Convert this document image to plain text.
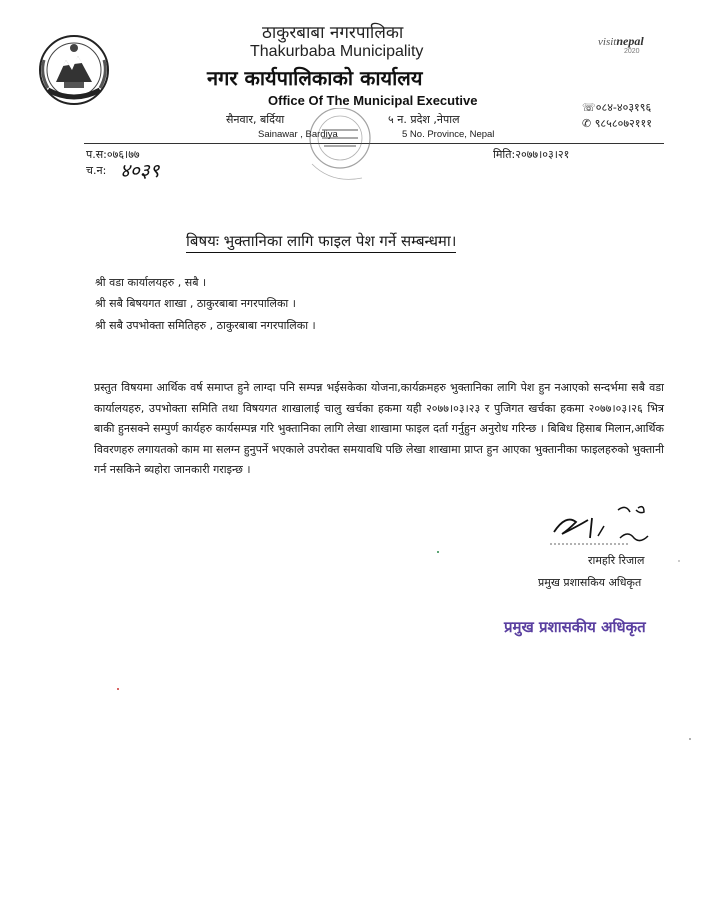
ठाकुरबाबा नगरपालिका
Thakurbaba Municipality
नगर कार्यपालिकाको कार्यालय
Office Of The Municipal Executive
सैनवार, बर्दिया
Sainawar , Bardiya
५ न. प्रदेश ,नेपाल
5 No. Province, Nepal
☏०८४-४०३१९६
✆ ९८५८०७२१११
visitnepal
2020
प.स:०७६।७७
च.न: ४०३९
मिति:२०७७।०३।२१
बिषयः भुक्तानिका लागि फाइल पेश गर्ने सम्बन्धमा।
श्री वडा कार्यालयहरु , सबै ।
श्री सबै बिषयगत शाखा , ठाकुरबाबा नगरपालिका ।
श्री सबै उपभोक्ता समितिहरु , ठाकुरबाबा नगरपालिका ।

प्रस्तुत विषयमा आर्थिक वर्ष समाप्त हुने लाग्दा पनि सम्पन्न भईसकेका योजना,कार्यक्रमहरु भुक्तानिका लागि पेश हुन नआएको सन्दर्भमा सबै वडा कार्यालयहरु, उपभोक्ता समिति तथा विषयगत शाखालाई चालु खर्चका हकमा यही २०७७।०३।२३ र पुजिगत खर्चका हकमा २०७७।०३।२६ भित्र बाकी हुनसक्ने सम्पुर्ण कार्यहरु कार्यसम्पन्न गरि भुक्तानिका लागि लेखा शाखामा फाइल दर्ता गर्नुहुन अनुरोध गरिन्छ । बिबिध हिसाब मिलान,आर्थिक विवरणहरु लगायतको काम मा सलग्न हुनुपर्ने भएकाले उपरोक्त समयावधि पछि लेखा शाखामा प्राप्त हुन आएका भुक्तानीका फाइलहरुको भुक्तानी गर्न नसकिने ब्यहोरा जानकारी गराइन्छ ।

रामहरि रिजाल
प्रमुख प्रशासकिय अधिकृत
प्रमुख प्रशासकीय अधिकृत
